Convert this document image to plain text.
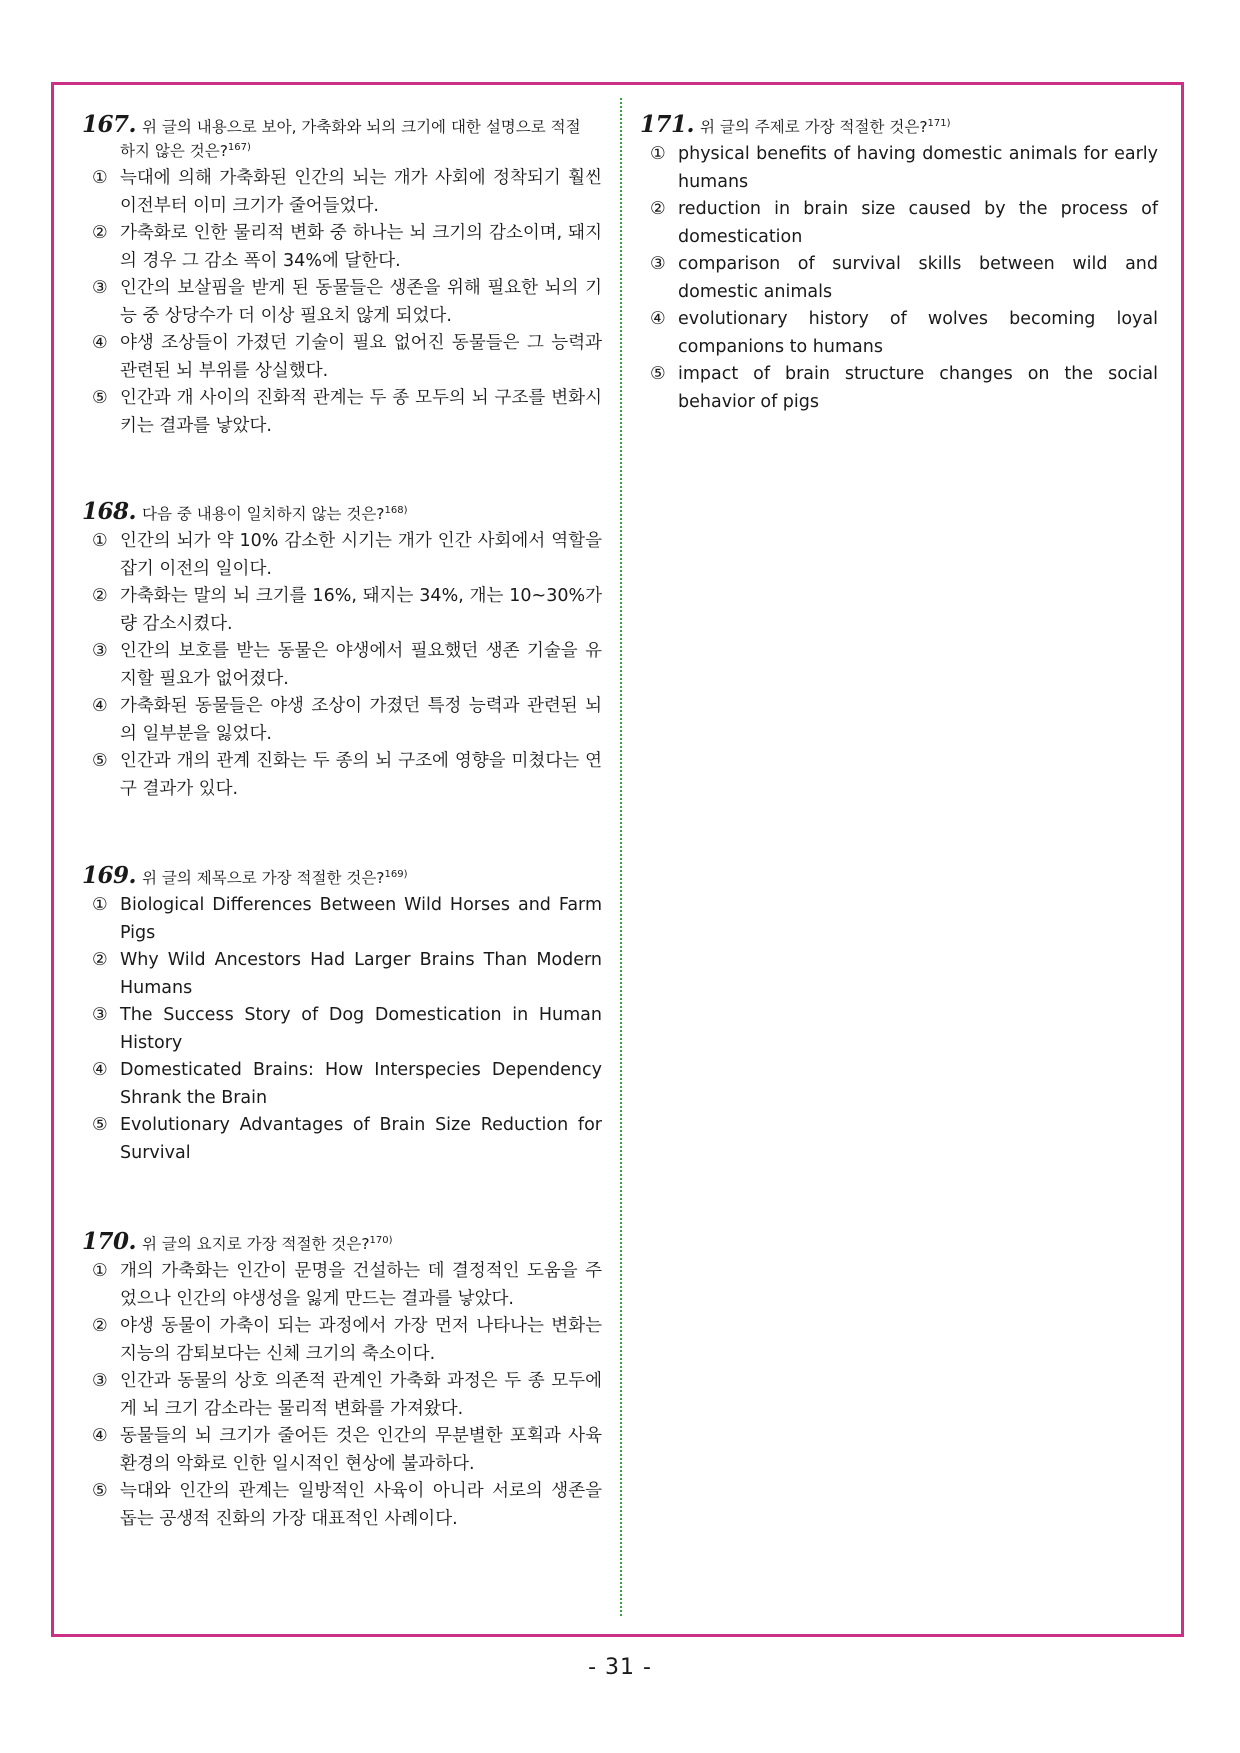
167. 위 글의 내용으로 보아, 가축화와 뇌의 크기에 대한 설명으로 적절
하지 않은 것은?$^{167)}$
① 늑대에 의해 가축화된 인간의 뇌는 개가 사회에 정착되기 훨씬 이전부터 이미 크기가 줄어들었다.
② 가축화로 인한 물리적 변화 중 하나는 뇌 크기의 감소이며, 돼지의 경우 그 감소 폭이 34%에 달한다.
③ 인간의 보살핌을 받게 된 동물들은 생존을 위해 필요한 뇌의 기능 중 상당수가 더 이상 필요치 않게 되었다.
④ 야생 조상들이 가졌던 기술이 필요 없어진 동물들은 그 능력과 관련된 뇌 부위를 상실했다.
⑤ 인간과 개 사이의 진화적 관계는 두 종 모두의 뇌 구조를 변화시키는 결과를 낳았다.
168. 다음 중 내용이 일치하지 않는 것은?$^{168)}$
① 인간의 뇌가 약 10% 감소한 시기는 개가 인간 사회에서 역할을 잡기 이전의 일이다.
② 가축화는 말의 뇌 크기를 16%, 돼지는 34%, 개는 10~30%가량 감소시켰다.
③ 인간의 보호를 받는 동물은 야생에서 필요했던 생존 기술을 유지할 필요가 없어졌다.
④ 가축화된 동물들은 야생 조상이 가졌던 특정 능력과 관련된 뇌의 일부분을 잃었다.
⑤ 인간과 개의 관계 진화는 두 종의 뇌 구조에 영향을 미쳤다는 연구 결과가 있다.
169. 위 글의 제목으로 가장 적절한 것은?$^{169)}$
① Biological Differences Between Wild Horses and Farm Pigs
② Why Wild Ancestors Had Larger Brains Than Modern Humans
③ The Success Story of Dog Domestication in Human History
④ Domesticated Brains: How Interspecies Dependency Shrank the Brain
⑤ Evolutionary Advantages of Brain Size Reduction for Survival
170. 위 글의 요지로 가장 적절한 것은?$^{170)}$
① 개의 가축화는 인간이 문명을 건설하는 데 결정적인 도움을 주었으나 인간의 야생성을 잃게 만드는 결과를 낳았다.
② 야생 동물이 가축이 되는 과정에서 가장 먼저 나타나는 변화는 지능의 감퇴보다는 신체 크기의 축소이다.
③ 인간과 동물의 상호 의존적 관계인 가축화 과정은 두 종 모두에게 뇌 크기 감소라는 물리적 변화를 가져왔다.
④ 동물들의 뇌 크기가 줄어든 것은 인간의 무분별한 포획과 사육 환경의 악화로 인한 일시적인 현상에 불과하다.
⑤ 늑대와 인간의 관계는 일방적인 사육이 아니라 서로의 생존을 돕는 공생적 진화의 가장 대표적인 사례이다.
171. 위 글의 주제로 가장 적절한 것은?$^{171)}$
① physical benefits of having domestic animals for early humans
② reduction in brain size caused by the process of domestication
③ comparison of survival skills between wild and domestic animals
④ evolutionary history of wolves becoming loyal companions to humans
⑤ impact of brain structure changes on the social behavior of pigs
- 31 -
